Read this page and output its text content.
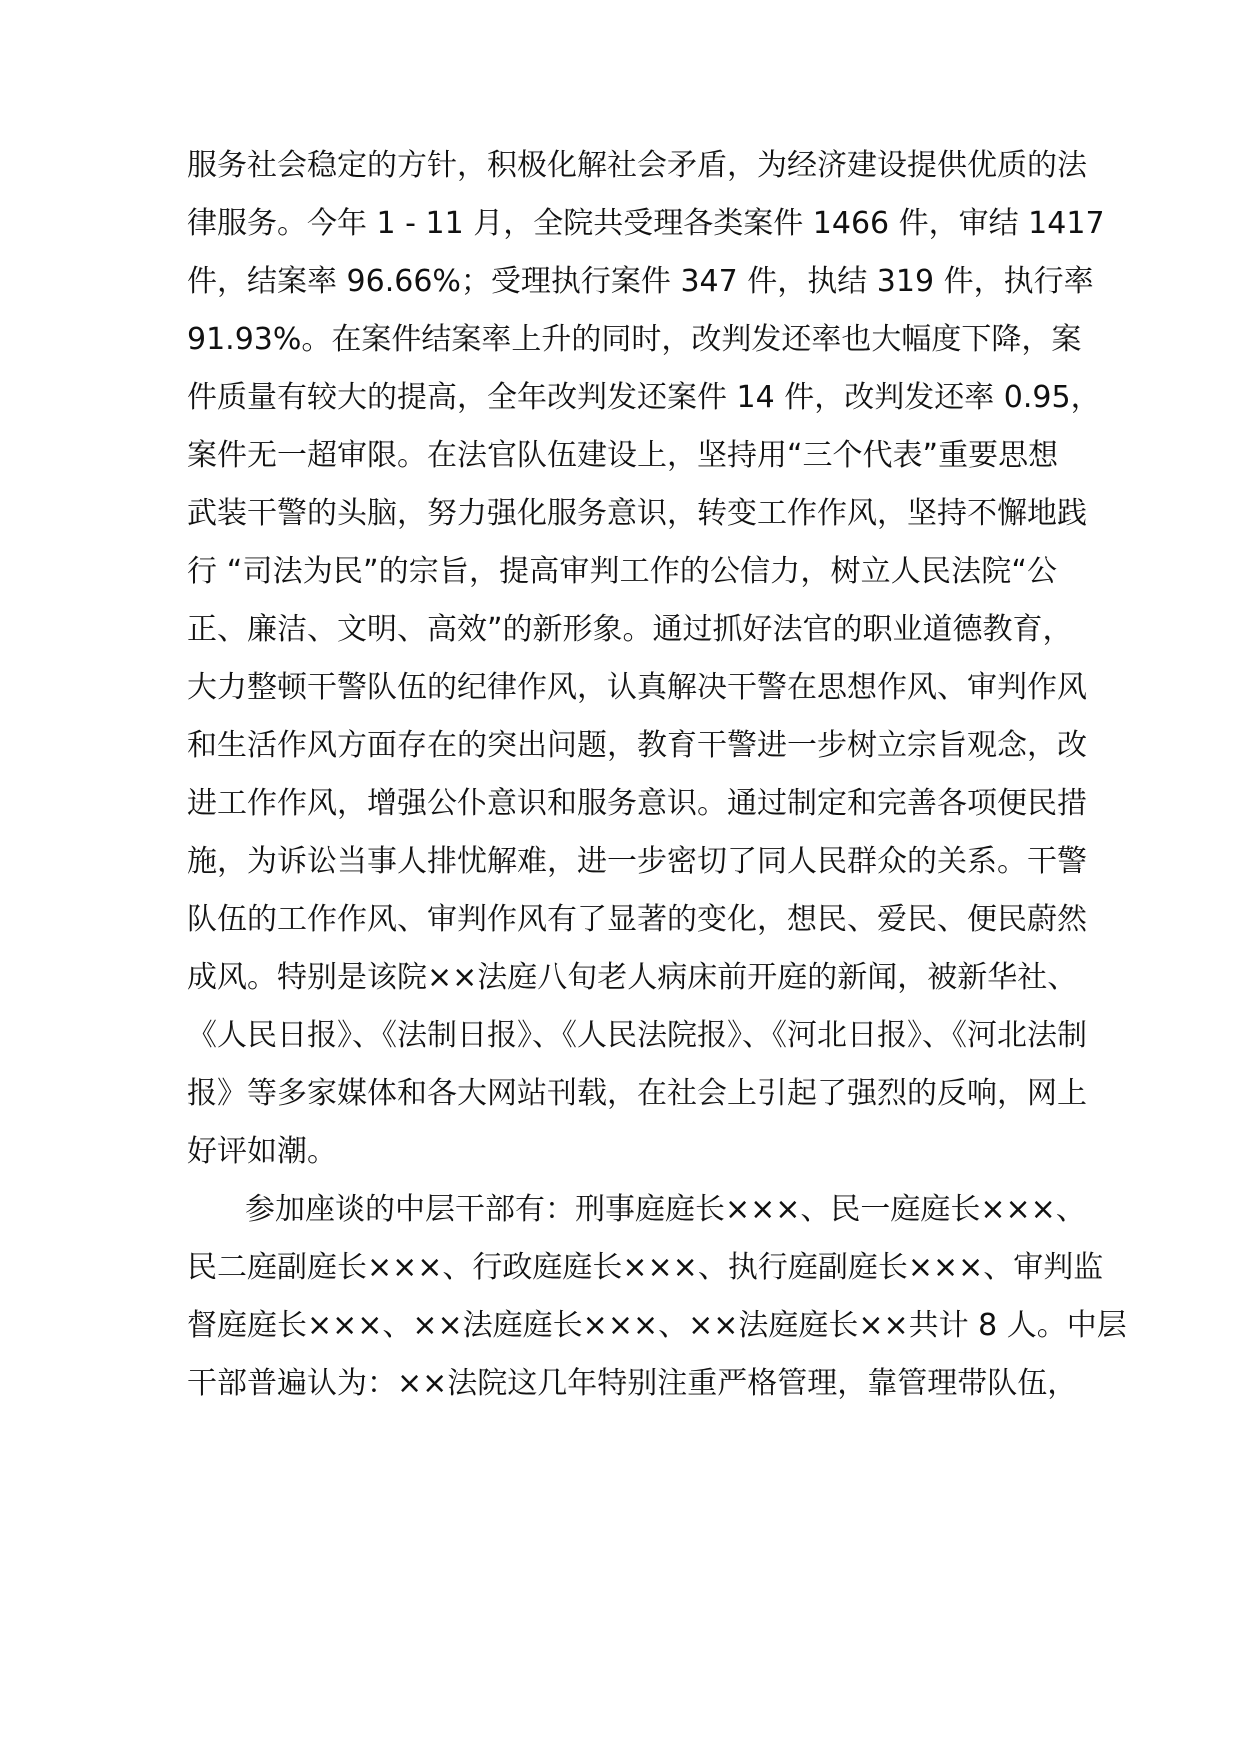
服务社会稳定的方针，积极化解社会矛盾，为经济建设提供优质的法
律服务。今年 1 - 11 月，全院共受理各类案件 1466 件，审结 1417
件，结案率 96.66%；受理执行案件 347 件，执结 319 件，执行率
91.93%。在案件结案率上升的同时，改判发还率也大幅度下降，案
件质量有较大的提高，全年改判发还案件 14 件，改判发还率 0.95，
案件无一超审限。在法官队伍建设上，坚持用“三个代表”重要思想
武装干警的头脑，努力强化服务意识，转变工作作风，坚持不懈地践
行 “司法为民”的宗旨，提高审判工作的公信力，树立人民法院“公
正、廉洁、文明、高效”的新形象。通过抓好法官的职业道德教育，
大力整顿干警队伍的纪律作风，认真解决干警在思想作风、审判作风
和生活作风方面存在的突出问题，教育干警进一步树立宗旨观念，改
进工作作风，增强公仆意识和服务意识。通过制定和完善各项便民措
施，为诉讼当事人排忧解难，进一步密切了同人民群众的关系。干警
队伍的工作作风、审判作风有了显著的变化，想民、爱民、便民蔚然
成风。特别是该院××法庭八旬老人病床前开庭的新闻，被新华社、
《人民日报》、《法制日报》、《人民法院报》、《河北日报》、《河北法制
报》等多家媒体和各大网站刊载，在社会上引起了强烈的反响，网上
好评如潮。
参加座谈的中层干部有：刑事庭庭长×××、民一庭庭长×××、
民二庭副庭长×××、行政庭庭长×××、执行庭副庭长×××、审判监
督庭庭长×××、××法庭庭长×××、××法庭庭长××共计 8 人。中层
干部普遍认为：××法院这几年特别注重严格管理，靠管理带队伍，
